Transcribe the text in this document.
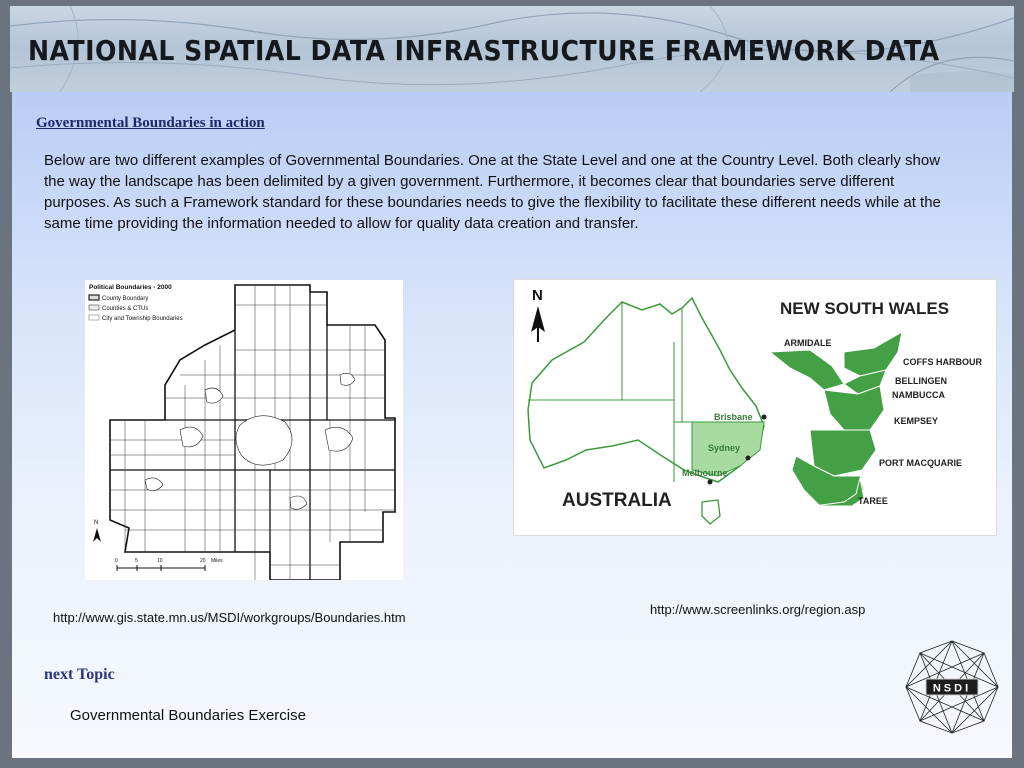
NATIONAL SPATIAL DATA INFRASTRUCTURE FRAMEWORK DATA
Governmental Boundaries in action

Below are two different examples of Governmental Boundaries. One at the State Level and one at the Country Level. Both clearly show the way the landscape has been delimited by a given government. Furthermore, it becomes clear that boundaries serve different purposes. As such a Framework standard for these boundaries needs to give the flexibility to facilitate these different needs while at the same time providing the information needed to allow for quality data creation and transfer.

Political Boundaries - 2000
County Boundary
Counties & CTUs
City and Township Boundaries
N
0	5	10	20 Miles
N
Brisbane
Sydney
Melbourne
AUSTRALIA
NEW SOUTH WALES
ARMIDALE
COFFS HARBOUR
BELLINGEN
NAMBUCCA
KEMPSEY
PORT MACQUARIE
TAREE
http://www.gis.state.mn.us/MSDI/workgroups/Boundaries.htm
http://www.screenlinks.org/region.asp
next Topic
Governmental Boundaries Exercise
NSDI
